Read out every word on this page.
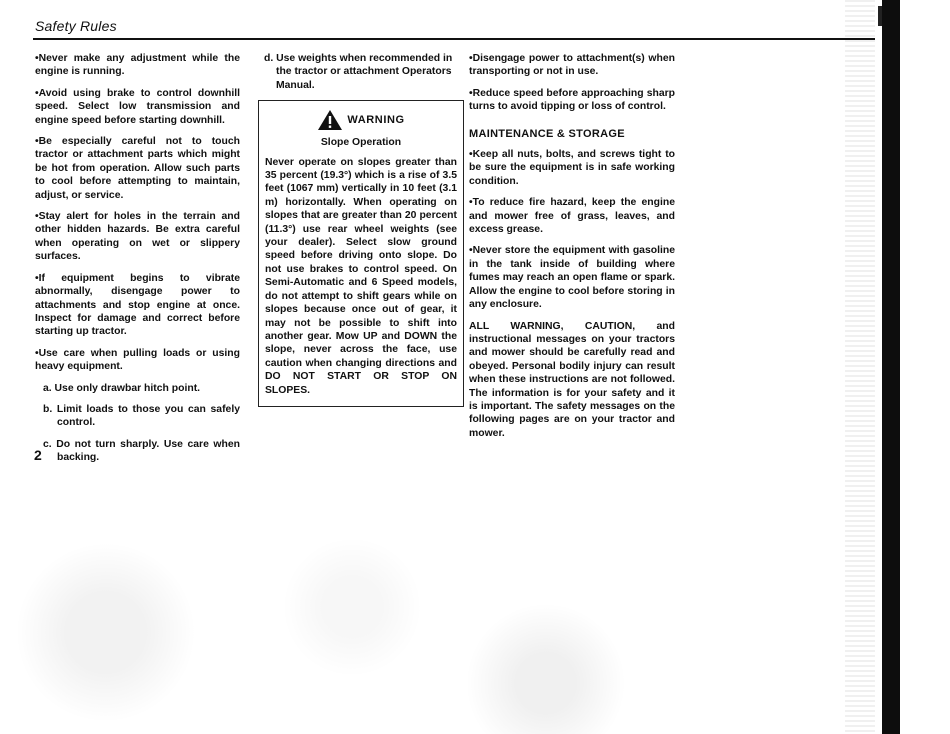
Safety Rules

•Never make any adjustment while the engine is running.

•Avoid using brake to control downhill speed. Select low transmission and engine speed before starting downhill.

•Be especially careful not to touch tractor or attachment parts which might be hot from operation. Allow such parts to cool before attempting to maintain, adjust, or service.

•Stay alert for holes in the terrain and other hidden hazards. Be extra careful when operating on wet or slippery surfaces.

•If equipment begins to vibrate abnormally, disengage power to attachments and stop engine at once. Inspect for damage and correct before starting up tractor.

•Use care when pulling loads or using heavy equipment.

a. Use only drawbar hitch point.

b. Limit loads to those you can safely control.

c. Do not turn sharply. Use care when backing.

d. Use weights when recommended in the tractor or attachment Operators Manual.

WARNING
Slope Operation
Never operate on slopes greater than 35 percent (19.3°) which is a rise of 3.5 feet (1067 mm) vertically in 10 feet (3.1 m) horizontally. When operating on slopes that are greater than 20 percent (11.3°) use rear wheel weights (see your dealer). Select slow ground speed before driving onto slope. Do not use brakes to control speed. On Semi-Automatic and 6 Speed models, do not attempt to shift gears while on slopes because once out of gear, it may not be possible to shift into another gear. Mow UP and DOWN the slope, never across the face, use caution when changing directions and DO NOT START OR STOP ON SLOPES.

•Disengage power to attachment(s) when transporting or not in use.

•Reduce speed before approaching sharp turns to avoid tipping or loss of control.

MAINTENANCE & STORAGE

•Keep all nuts, bolts, and screws tight to be sure the equipment is in safe working condition.

•To reduce fire hazard, keep the engine and mower free of grass, leaves, and excess grease.

•Never store the equipment with gasoline in the tank inside of building where fumes may reach an open flame or spark. Allow the engine to cool before storing in any enclosure.

ALL WARNING, CAUTION, and instructional messages on your tractors and mower should be carefully read and obeyed. Personal bodily injury can result when these instructions are not followed. The information is for your safety and it is important. The safety messages on the following pages are on your tractor and mower.

2
